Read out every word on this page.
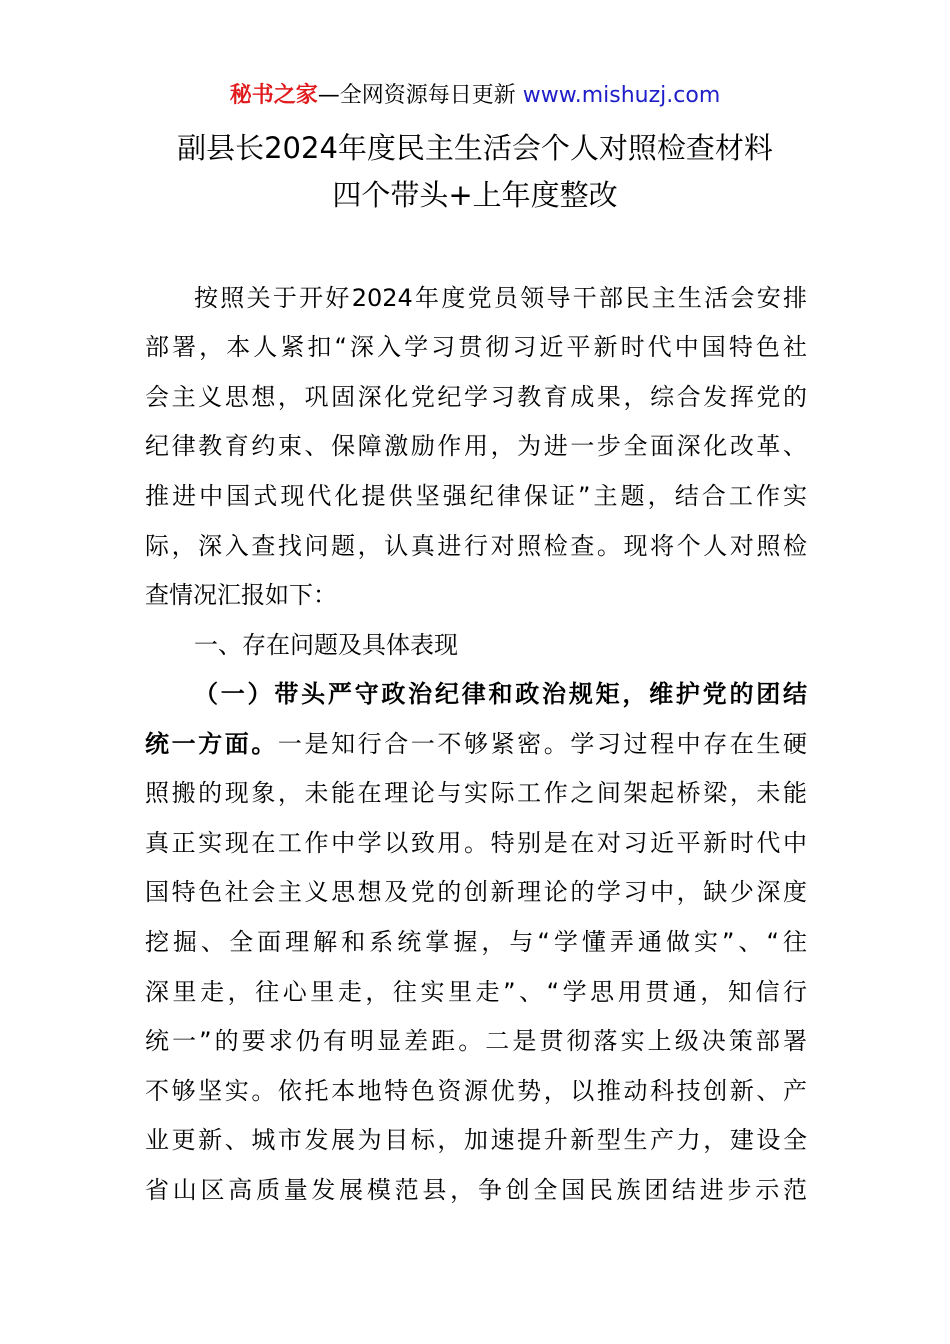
秘书之家—全网资源每日更新 www.mishuzj.com
副县长2024年度民主生活会个人对照检查材料
四个带头+上年度整改
按照关于开好2024年度党员领导干部民主生活会安排
部署，本人紧扣“深入学习贯彻习近平新时代中国特色社
会主义思想，巩固深化党纪学习教育成果，综合发挥党的
纪律教育约束、保障激励作用，为进一步全面深化改革、
推进中国式现代化提供坚强纪律保证”主题，结合工作实
际，深入查找问题，认真进行对照检查。现将个人对照检
查情况汇报如下：
一、存在问题及具体表现
（一）带头严守政治纪律和政治规矩，维护党的团结
统一方面。一是知行合一不够紧密。学习过程中存在生硬
照搬的现象，未能在理论与实际工作之间架起桥梁，未能
真正实现在工作中学以致用。特别是在对习近平新时代中
国特色社会主义思想及党的创新理论的学习中，缺少深度
挖掘、全面理解和系统掌握，与“学懂弄通做实”、“往
深里走，往心里走，往实里走”、“学思用贯通，知信行
统一”的要求仍有明显差距。二是贯彻落实上级决策部署
不够坚实。依托本地特色资源优势，以推动科技创新、产
业更新、城市发展为目标，加速提升新型生产力，建设全
省山区高质量发展模范县，争创全国民族团结进步示范
